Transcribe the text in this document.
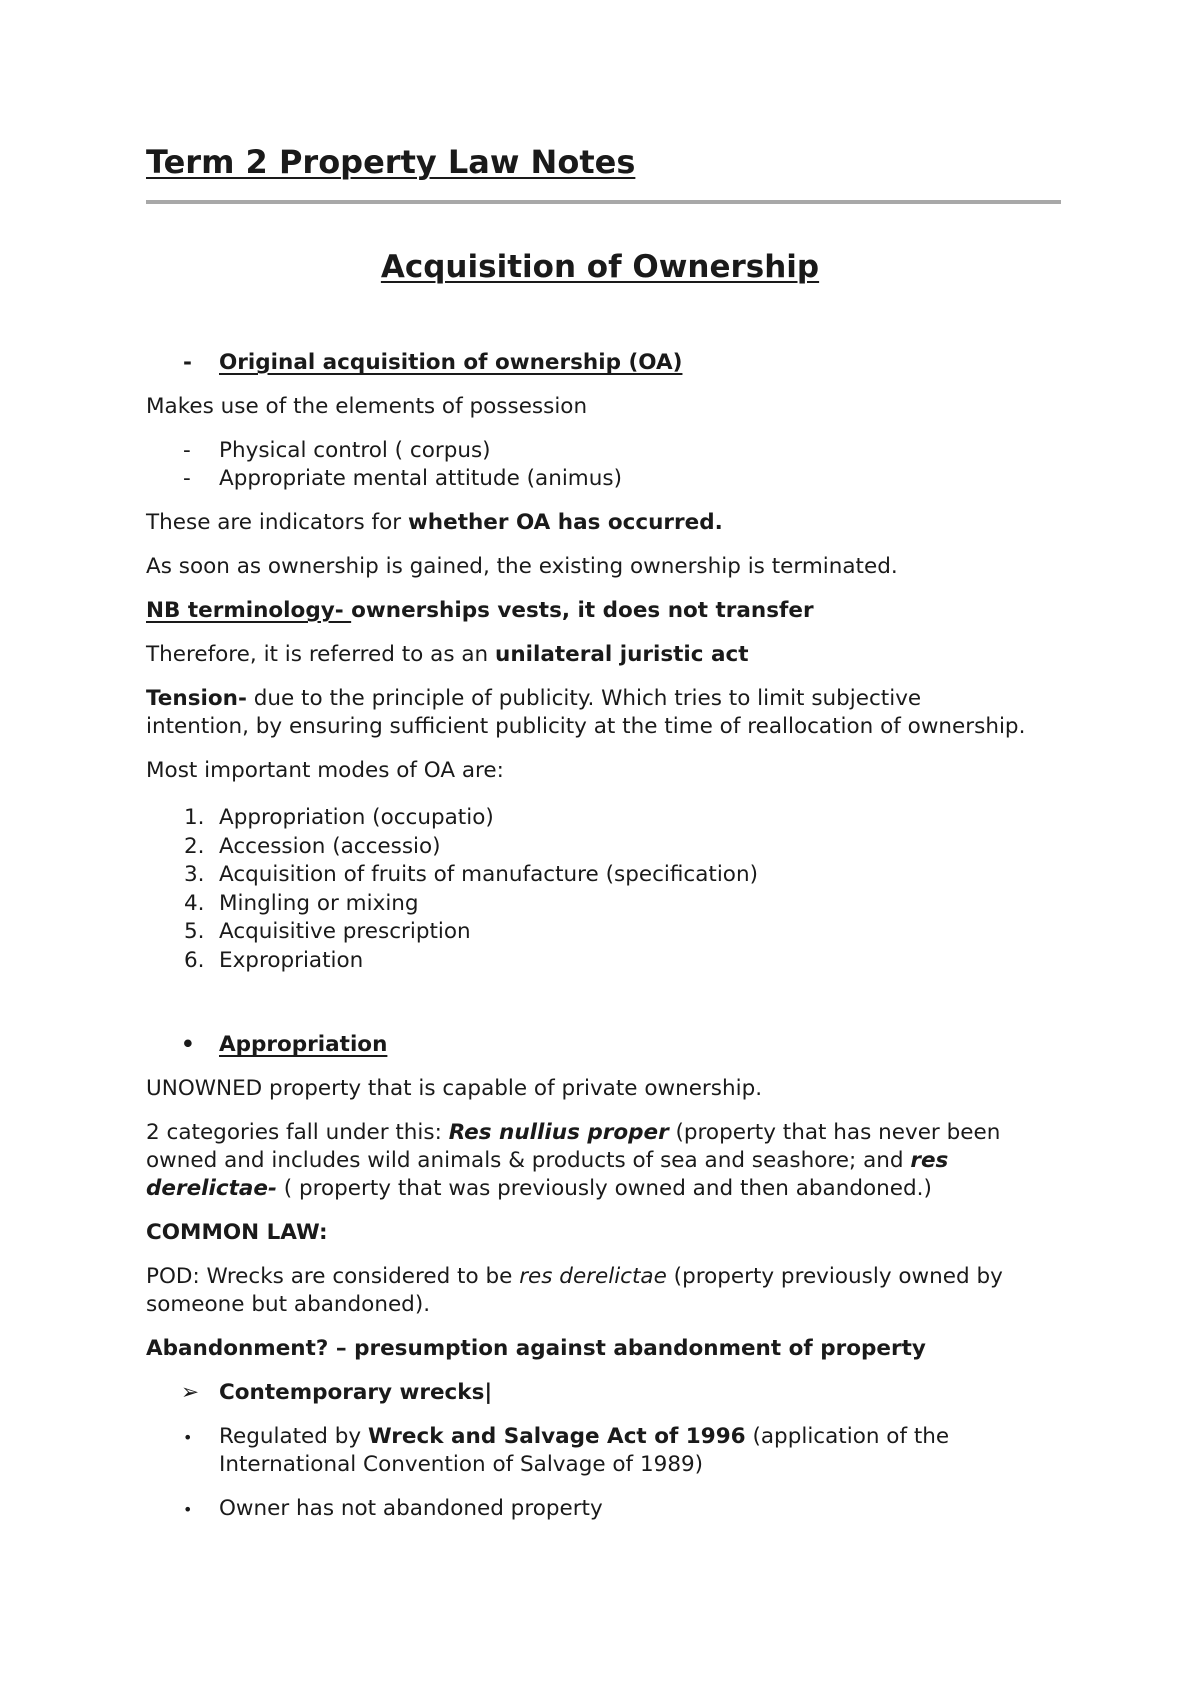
Term 2 Property Law Notes
Acquisition of Ownership
- Original acquisition of ownership (OA)
Makes use of the elements of possession
- Physical control ( corpus)
- Appropriate mental attitude (animus)
These are indicators for whether OA has occurred.
As soon as ownership is gained, the existing ownership is terminated.
NB terminology- ownerships vests, it does not transfer
Therefore, it is referred to as an unilateral juristic act
Tension- due to the principle of publicity. Which tries to limit subjective
intention, by ensuring sufficient publicity at the time of reallocation of ownership.
Most important modes of OA are:
1. Appropriation (occupatio)
2. Accession (accessio)
3. Acquisition of fruits of manufacture (specification)
4. Mingling or mixing
5. Acquisitive prescription
6. Expropriation
• Appropriation
UNOWNED property that is capable of private ownership.
2 categories fall under this: Res nullius proper (property that has never been
owned and includes wild animals & products of sea and seashore; and res
derelictae- ( property that was previously owned and then abandoned.)
COMMON LAW:
POD: Wrecks are considered to be res derelictae (property previously owned by
someone but abandoned).
Abandonment? – presumption against abandonment of property
➢ Contemporary wrecks|
• Regulated by Wreck and Salvage Act of 1996 (application of the
International Convention of Salvage of 1989)
• Owner has not abandoned property
